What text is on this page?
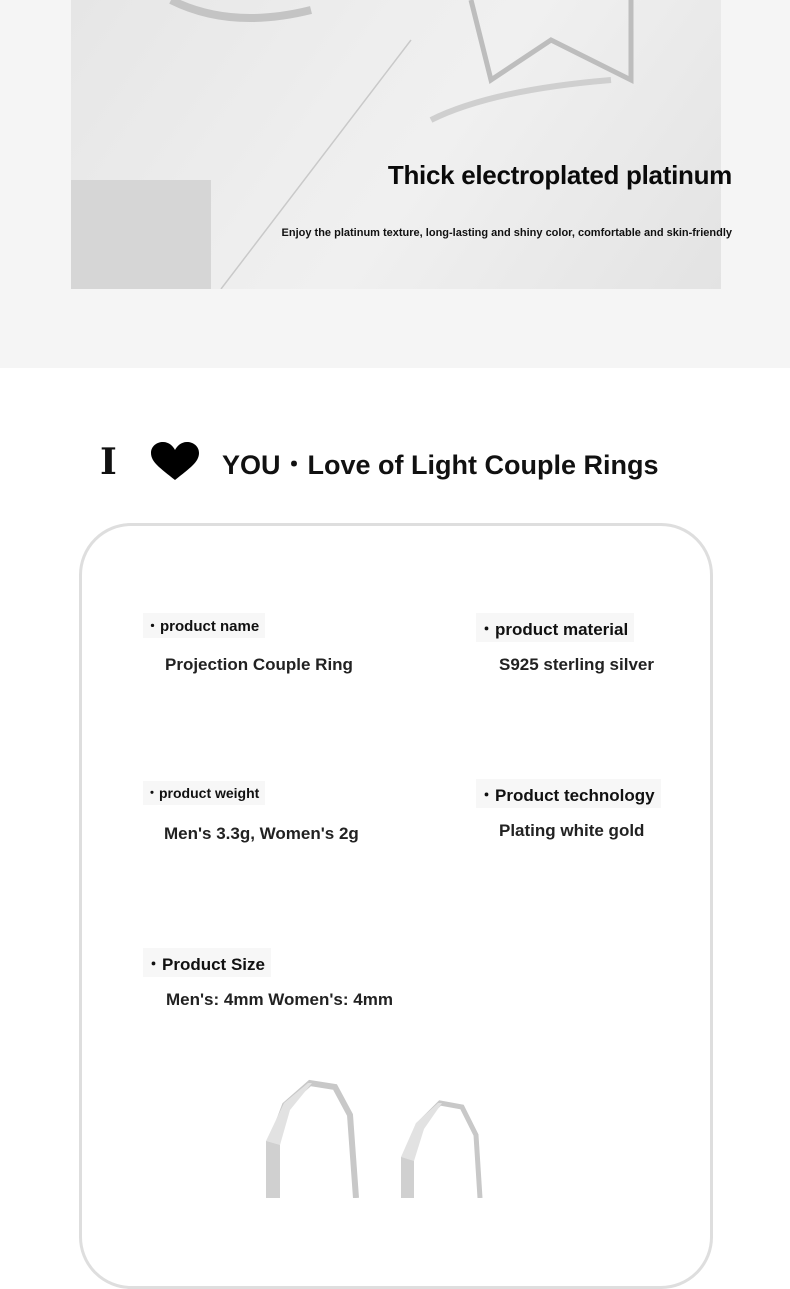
Thick electroplated platinum
Enjoy the platinum texture, long-lasting and shiny color, comfortable and skin-friendly
I	YOU・Love of Light Couple Rings
・product name
Projection Couple Ring
・product material
S925 sterling silver
・product weight
Men's 3.3g, Women's 2g
・Product technology
Plating white gold
・Product Size
Men's: 4mm Women's: 4mm
